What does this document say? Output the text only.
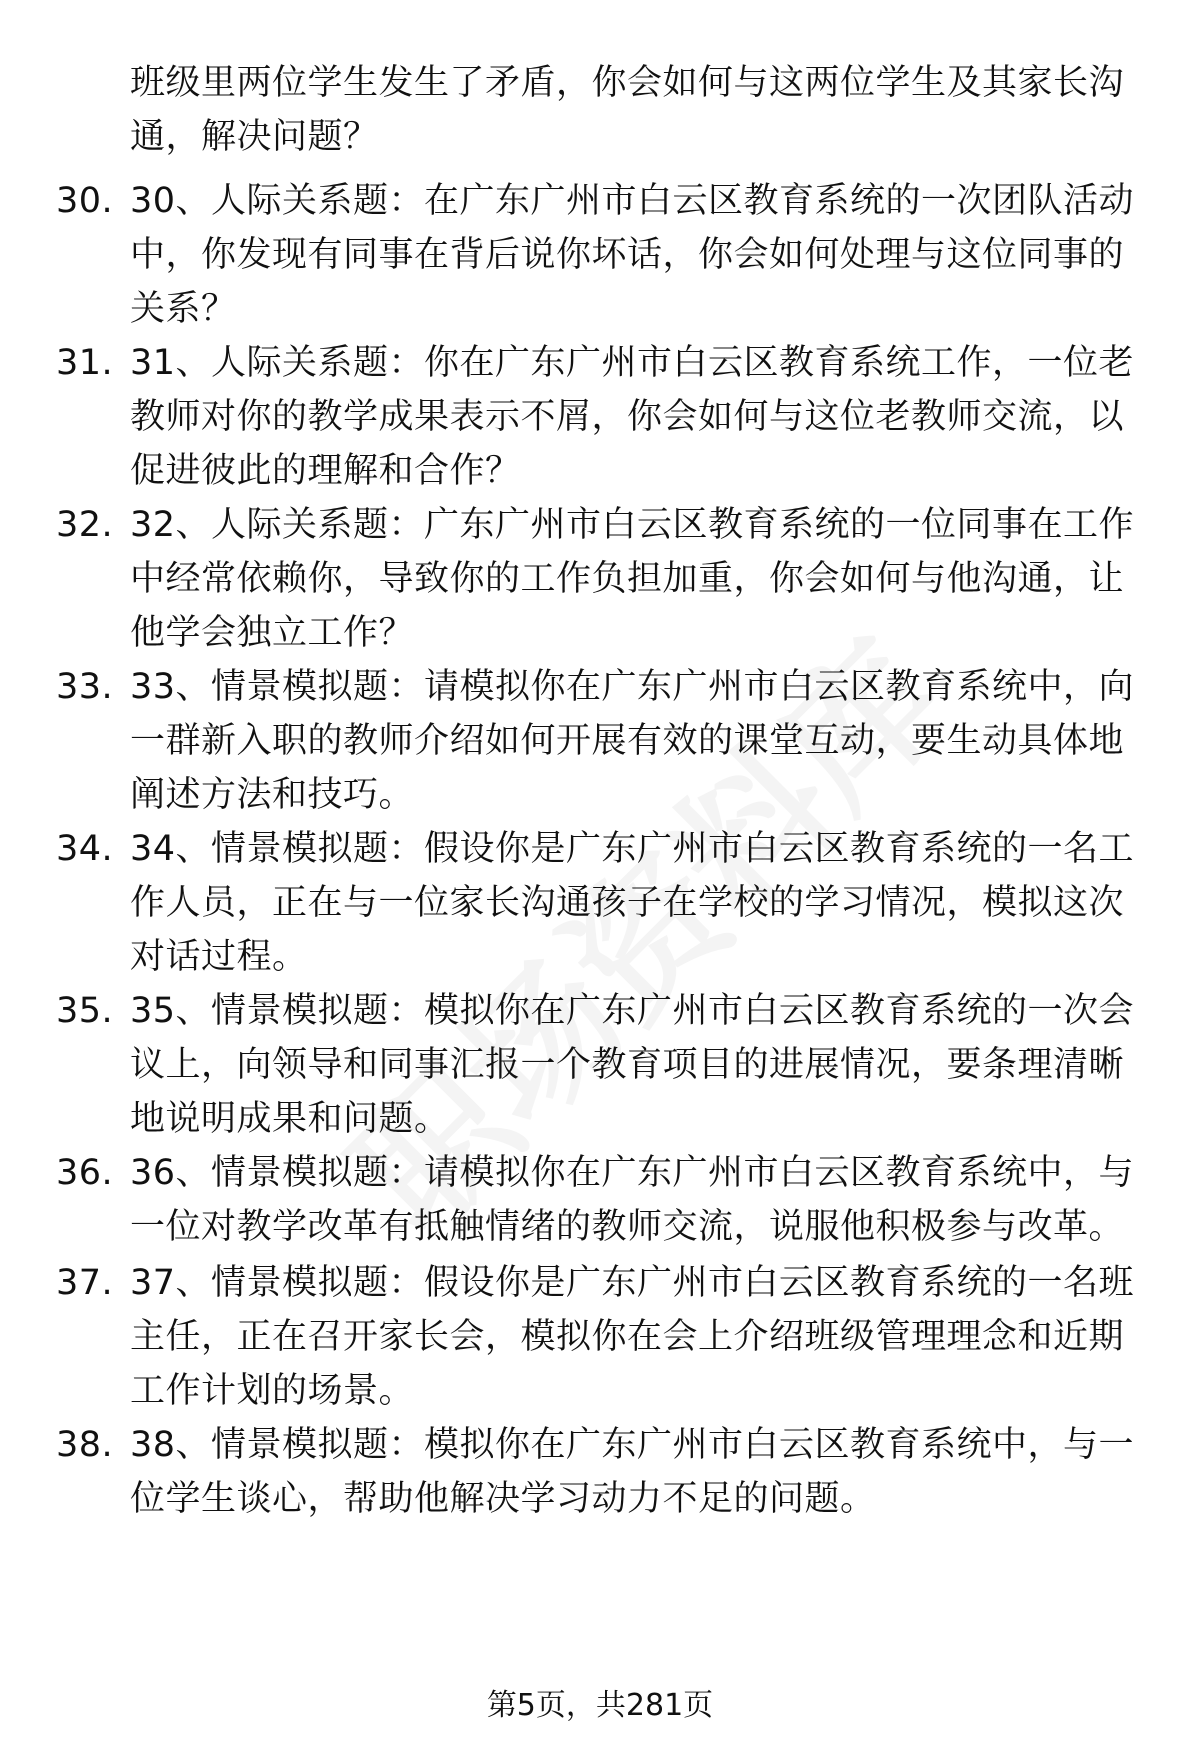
班级里两位学生发生了矛盾，你会如何与这两位学生及其家长沟通，解决问题？
30. 30、人际关系题：在广东广州市白云区教育系统的一次团队活动中，你发现有同事在背后说你坏话，你会如何处理与这位同事的关系？
31. 31、人际关系题：你在广东广州市白云区教育系统工作，一位老教师对你的教学成果表示不屑，你会如何与这位老教师交流，以促进彼此的理解和合作？
32. 32、人际关系题：广东广州市白云区教育系统的一位同事在工作中经常依赖你，导致你的工作负担加重，你会如何与他沟通，让他学会独立工作？
33. 33、情景模拟题：请模拟你在广东广州市白云区教育系统中，向一群新入职的教师介绍如何开展有效的课堂互动，要生动具体地阐述方法和技巧。
34. 34、情景模拟题：假设你是广东广州市白云区教育系统的一名工作人员，正在与一位家长沟通孩子在学校的学习情况，模拟这次对话过程。
35. 35、情景模拟题：模拟你在广东广州市白云区教育系统的一次会议上，向领导和同事汇报一个教育项目的进展情况，要条理清晰地说明成果和问题。
36. 36、情景模拟题：请模拟你在广东广州市白云区教育系统中，与一位对教学改革有抵触情绪的教师交流，说服他积极参与改革。
37. 37、情景模拟题：假设你是广东广州市白云区教育系统的一名班主任，正在召开家长会，模拟你在会上介绍班级管理理念和近期工作计划的场景。
38. 38、情景模拟题：模拟你在广东广州市白云区教育系统中，与一位学生谈心，帮助他解决学习动力不足的问题。
第5页，共281页
